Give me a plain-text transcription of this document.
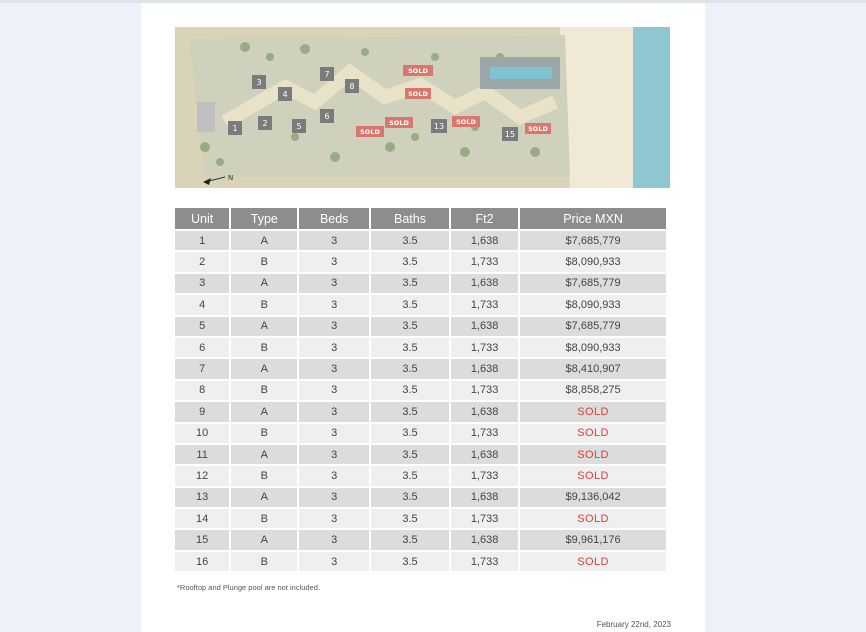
1
2
3
4
5
6
7
8
13
15
SOLD
SOLD
SOLD
SOLD
SOLD
SOLD
N
Unit	Type	Beds	Baths	Ft2	Price MXN
1	A	3	3.5	1,638	$7,685,779
2	B	3	3.5	1,733	$8,090,933
3	A	3	3.5	1,638	$7,685,779
4	B	3	3.5	1,733	$8,090,933
5	A	3	3.5	1,638	$7,685,779
6	B	3	3.5	1,733	$8,090,933
7	A	3	3.5	1,638	$8,410,907
8	B	3	3.5	1,733	$8,858,275
9	A	3	3.5	1,638	SOLD
10	B	3	3.5	1,733	SOLD
11	A	3	3.5	1,638	SOLD
12	B	3	3.5	1,733	SOLD
13	A	3	3.5	1,638	$9,136,042
14	B	3	3.5	1,733	SOLD
15	A	3	3.5	1,638	$9,961,176
16	B	3	3.5	1,733	SOLD
*Rooftop and Plunge pool are not included.
February 22nd, 2023
